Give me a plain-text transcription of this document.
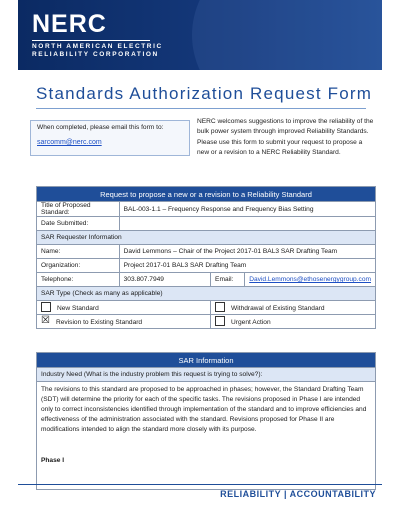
NERC
NORTH AMERICAN ELECTRIC
RELIABILITY CORPORATION
Standards Authorization Request Form
When completed, please email this form to:
sarcomm@nerc.com
NERC welcomes suggestions to improve the reliability of the bulk power system through improved Reliability Standards. Please use this form to submit your request to propose a new or a revision to a NERC Reliability Standard.
Request to propose a new or a revision to a Reliability Standard			
Title of Proposed Standard:	BAL-003-1.1 – Frequency Response and Frequency Bias Setting		
Date Submitted:			
SAR Requester Information			
Name:	David Lemmons – Chair of the Project 2017-01 BAL3 SAR Drafting Team		
Organization:	Project 2017-01 BAL3 SAR Drafting Team		
Telephone:	303.807.7949	Email:	David.Lemmons@ethosenergygroup.com
SAR Type (Check as many as applicable)			
New Standard		Withdrawal of Existing Standard	
☒ Revision to Existing Standard		Urgent Action	
SAR Information
Industry Need (What is the industry problem this request is trying to solve?):

The revisions to this standard are proposed to be approached in phases; however, the Standard Drafting Team (SDT) will determine the priority for each of the specific tasks. The revisions proposed in Phase I are intended only to correct inconsistencies identified through implementation of the standard and to improve efficiencies and effectiveness of the administration associated with the standard. Revisions proposed for Phase II are modifications intended to align the standard more closely with its purpose.
Phase I
RELIABILITY | ACCOUNTABILITY
